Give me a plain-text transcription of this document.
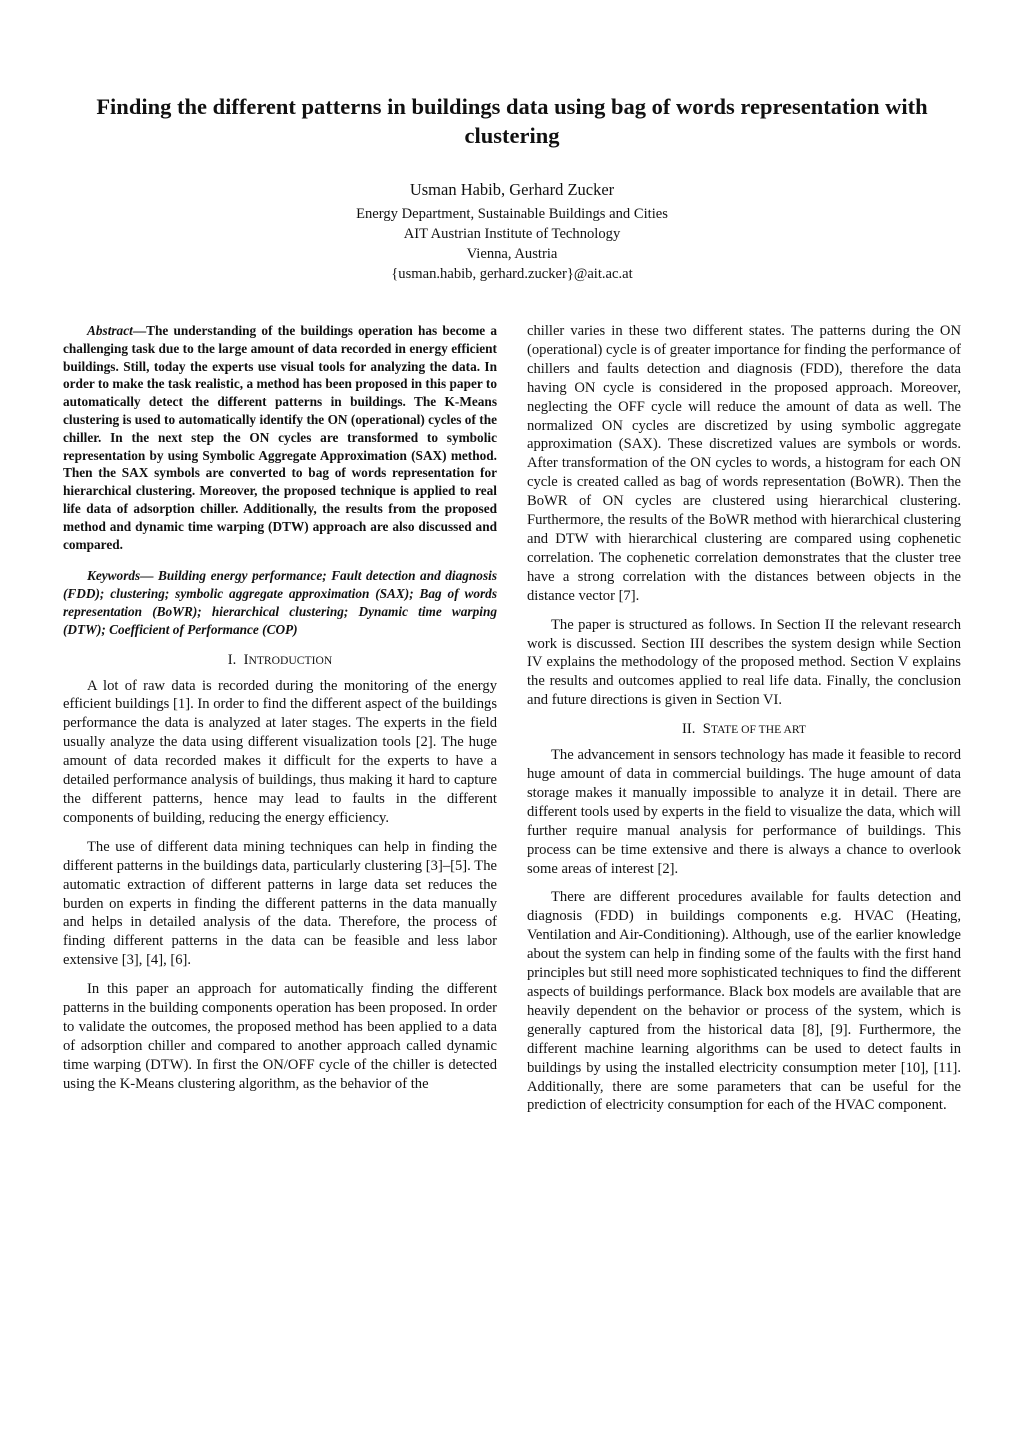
Finding the different patterns in buildings data using bag of words representation with clustering
Usman Habib, Gerhard Zucker
Energy Department, Sustainable Buildings and Cities
AIT Austrian Institute of Technology
Vienna, Austria
{usman.habib, gerhard.zucker}@ait.ac.at

Abstract—The understanding of the buildings operation has become a challenging task due to the large amount of data recorded in energy efficient buildings. Still, today the experts use visual tools for analyzing the data. In order to make the task realistic, a method has been proposed in this paper to automatically detect the different patterns in buildings. The K-Means clustering is used to automatically identify the ON (operational) cycles of the chiller. In the next step the ON cycles are transformed to symbolic representation by using Symbolic Aggregate Approximation (SAX) method. Then the SAX symbols are converted to bag of words representation for hierarchical clustering. Moreover, the proposed technique is applied to real life data of adsorption chiller. Additionally, the results from the proposed method and dynamic time warping (DTW) approach are also discussed and compared.

Keywords— Building energy performance; Fault detection and diagnosis (FDD); clustering; symbolic aggregate approximation (SAX); Bag of words representation (BoWR); hierarchical clustering; Dynamic time warping (DTW); Coefficient of Performance (COP)

I. INTRODUCTION

A lot of raw data is recorded during the monitoring of the energy efficient buildings [1]. In order to find the different aspect of the buildings performance the data is analyzed at later stages. The experts in the field usually analyze the data using different visualization tools [2]. The huge amount of data recorded makes it difficult for the experts to have a detailed performance analysis of buildings, thus making it hard to capture the different patterns, hence may lead to faults in the different components of building, reducing the energy efficiency.

The use of different data mining techniques can help in finding the different patterns in the buildings data, particularly clustering [3]–[5]. The automatic extraction of different patterns in large data set reduces the burden on experts in finding the different patterns in the data manually and helps in detailed analysis of the data. Therefore, the process of finding different patterns in the data can be feasible and less labor extensive [3], [4], [6].

In this paper an approach for automatically finding the different patterns in the building components operation has been proposed. In order to validate the outcomes, the proposed method has been applied to a data of adsorption chiller and compared to another approach called dynamic time warping (DTW). In first the ON/OFF cycle of the chiller is detected using the K-Means clustering algorithm, as the behavior of the

chiller varies in these two different states. The patterns during the ON (operational) cycle is of greater importance for finding the performance of chillers and faults detection and diagnosis (FDD), therefore the data having ON cycle is considered in the proposed approach. Moreover, neglecting the OFF cycle will reduce the amount of data as well. The normalized ON cycles are discretized by using symbolic aggregate approximation (SAX). These discretized values are symbols or words. After transformation of the ON cycles to words, a histogram for each ON cycle is created called as bag of words representation (BoWR). Then the BoWR of ON cycles are clustered using hierarchical clustering. Furthermore, the results of the BoWR method with hierarchical clustering and DTW with hierarchical clustering are compared using cophenetic correlation. The cophenetic correlation demonstrates that the cluster tree have a strong correlation with the distances between objects in the distance vector [7].

The paper is structured as follows. In Section II the relevant research work is discussed. Section III describes the system design while Section IV explains the methodology of the proposed method. Section V explains the results and outcomes applied to real life data. Finally, the conclusion and future directions is given in Section VI.

II. STATE OF THE ART

The advancement in sensors technology has made it feasible to record huge amount of data in commercial buildings. The huge amount of data storage makes it manually impossible to analyze it in detail. There are different tools used by experts in the field to visualize the data, which will further require manual analysis for performance of buildings. This process can be time extensive and there is always a chance to overlook some areas of interest [2].

There are different procedures available for faults detection and diagnosis (FDD) in buildings components e.g. HVAC (Heating, Ventilation and Air-Conditioning). Although, use of the earlier knowledge about the system can help in finding some of the faults with the first hand principles but still need more sophisticated techniques to find the different aspects of buildings performance. Black box models are available that are heavily dependent on the behavior or process of the system, which is generally captured from the historical data [8], [9]. Furthermore, the different machine learning algorithms can be used to detect faults in buildings by using the installed electricity consumption meter [10], [11]. Additionally, there are some parameters that can be useful for the prediction of electricity consumption for each of the HVAC component.
